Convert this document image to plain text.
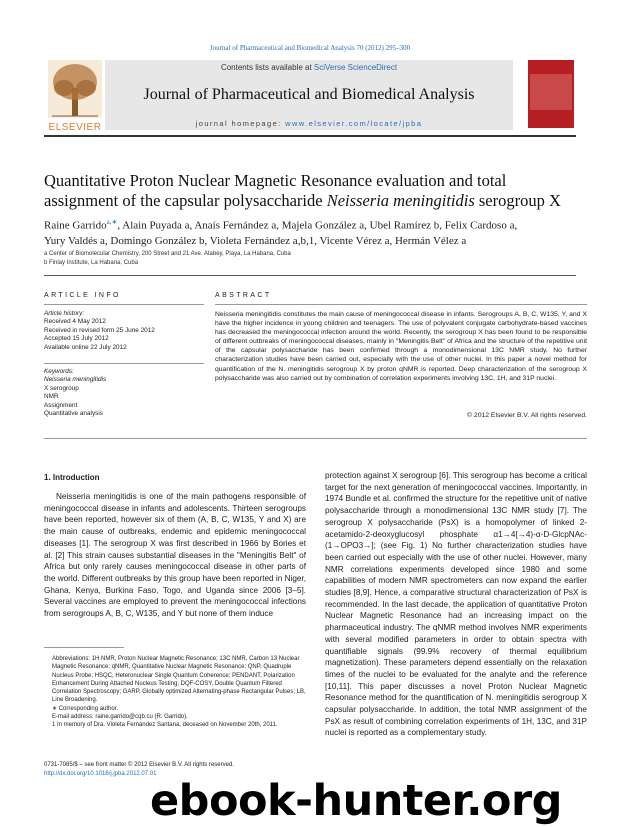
Journal of Pharmaceutical and Biomedical Analysis 70 (2012) 295–300
Contents lists available at SciVerse ScienceDirect
Journal of Pharmaceutical and Biomedical Analysis
journal homepage: www.elsevier.com/locate/jpba
ELSEVIER
Quantitative Proton Nuclear Magnetic Resonance evaluation and total
assignment of the capsular polysaccharide Neisseria meningitidis serogroup X
Raine Garrido$^{a,∗}$, Alain Puyada a, Anaís Fernández a, Majela González a, Ubel Ramírez b, Felix Cardoso a,
Yury Valdés a, Domingo González b, Violeta Fernández a,b,1, Vicente Vérez a, Hermán Vélez a
a Center of Biomolecular Chemistry, 200 Street and 21 Ave. Atabey, Playa, La Habana, Cuba
b Finlay Institute, La Habana, Cuba
ARTICLE INFO
Article history:
Received 4 May 2012
Received in revised form 25 June 2012
Accepted 15 July 2012
Available online 22 July 2012
Keywords:
Neisseria meningitidis
X serogroup
NMR
Assignment
Quantitative analysis
ABSTRACT
Neisseria meningitidis constitutes the main cause of meningococcal disease in infants. Serogroups A, B, C, W135, Y, and X have the higher incidence in young children and teenagers. The use of polyvalent conjugate carbohydrate-based vaccines has decreased the meningococcal infection around the world. Recently, the serogroup X has been found to be responsible of different outbreaks of meningococcal diseases, mainly in "Meningitis Belt" of Africa and the structure of the repetitive unit of the capsular polysaccharide has been confirmed through a monodimensional 13C NMR study. No further characterization studies have been carried out, especially with the use of other nuclei. In this paper a novel method for quantification of the N. meningitidis serogroup X by proton qNMR is reported. Deep characterization of the serogroup X polysaccharide was also carried out by combination of correlation experiments involving 13C, 1H, and 31P nuclei.
© 2012 Elsevier B.V. All rights reserved.
1. Introduction

Neisseria meningitidis is one of the main pathogens responsible of meningococcal disease in infants and adolescents. Thirteen serogroups have been reported, however six of them (A, B, C, W135, Y and X) are the main cause of outbreaks, endemic and epidemic meningococcal diseases [1]. The serogroup X was first described in 1966 by Bories et al. [2] This strain causes substantial diseases in the "Meningitis Belt" of Africa but only rarely causes meningococcal disease in other parts of the world. Different outbreaks by this group have been reported in Niger, Ghana, Kenya, Burkina Faso, Togo, and Uganda since 2006 [3–5]. Several vaccines are employed to prevent the meningococcal infections from serogroups A, B, C, W135, and Y but none of them induce

protection against X serogroup [6]. This serogroup has become a critical target for the next generation of meningococcal vaccines. Importantly, in 1974 Bundle et al. confirmed the structure for the repetitive unit of native polysaccharide through a monodimensional 13C NMR study [7]. The serogroup X polysaccharide (PsX) is a homopolymer of linked 2-acetamido-2-deoxyglucosyl phosphate α1→4[→4)-α-D-GlcpNAc-(1→OPO3→]; (see Fig. 1) No further characterization studies have been carried out especially with the use of other nuclei. However, many NMR correlations experiments developed since 1980 and some capabilities of modern NMR spectrometers can now expand the earlier studies [8,9]. Hence, a comparative structural characterization of PsX is recommended. In the last decade, the application of quantitative Proton Nuclear Magnetic Resonance had an increasing impact on the pharmaceutical industry. The qNMR method involves NMR experiments with several modified parameters in order to obtain spectra with quantifiable signals (99.9% recovery of thermal equilibrium magnetization). These parameters depend essentially on the relaxation times of the nuclei to be evaluated for the analyte and the reference [10,11]. This paper discusses a novel Proton Nuclear Magnetic Resonance method for the quantification of N. meningitidis serogroup X capsular polysaccharide. In addition, the total NMR assignment of the PsX as result of combining correlation experiments of 1H, 13C, and 31P nuclei is reported as a complementary study.

Abbreviations: 1H NMR, Proton Nuclear Magnetic Resonance; 13C NMR, Carbon 13 Nuclear Magnetic Resonance; qNMR, Quantitative Nuclear Magnetic Resonance; QNP, Quadruple Nucleus Probe; HSQC, Heteronuclear Single Quantum Coherence; PENDANT, Polarization Enhancement During Attached Nucleus Testing; DQF-COSY, Double Quantum Filtered Correlation Spectroscopy; GARP, Globally optimized Alternating-phase Rectangular Pulses; LB, Line Broadening.

∗ Corresponding author.

E-mail address: raine.garrido@cqb.cu (R. Garrido).

1 In memory of Dra. Violeta Fernández Santana, deceased on November 20th, 2011.

0731-7085/$ – see front matter © 2012 Elsevier B.V. All rights reserved.
http://dx.doi.org/10.1016/j.jpba.2012.07.01
ebook-hunter.org
